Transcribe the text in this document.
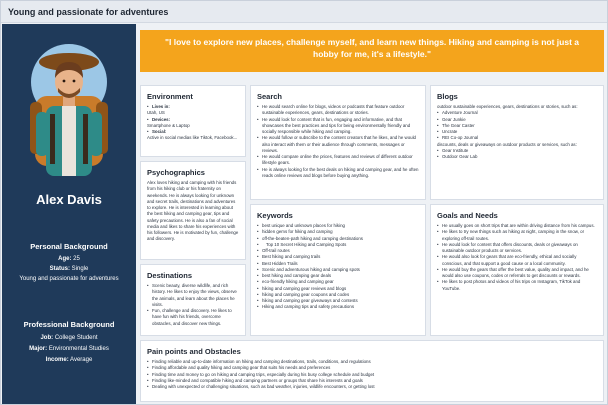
Young and passionate for adventures
Alex Davis
Personal Background
Age: 25
Status: Single
Young and passionate for adventures
Professional Background
Job: College Student
Major: Environmental Studies
Income: Average
"I love to explore new places, challenge myself, and learn new things. Hiking and camping is not just a hobby for me, it's a lifestyle."
Environment
• Lives in:
Utah, US
• Devices:
Smartphone & Laptop
• Social:
Active in social medias like Tiktok, Facebook...
Psychographics
Alex loves hiking and camping with his friends from his hiking club or his fraternity on weekends. He is always looking for unknown and secret trails, destinations and adventures to explore. He is interested in learning about the best hiking and camping gear, tips and safety precautions. He is also a fan of social media and likes to share his experiences with his followers. He is motivated by fun, challenge and discovery.
Destinations
• Scenic beauty, diverse wildlife, and rich history. He likes to enjoy the views, observe the animals, and learn about the places he visits.
• Fun, challenge and discovery. He likes to have fun with his friends, overcome obstacles, and discover new things.
Search
• He would search online for blogs, videos or podcasts that feature outdoor sustainable experiences, gears, destinations or stories.
• He would look for content that is fun, engaging and informative, and that showcases the best practices and tips for being environmentally friendly and socially responsible while hiking and camping.
• He would follow or subscribe to the content creators that he likes, and he would also interact with them or their audience through comments, messages or reviews.
• He would compare online the prices, features and reviews of different outdoor lifestyle gears.
• He is always looking for the best deals on hiking and camping gear, and he often reads online reviews and blogs before buying anything.
Keywords
• best unique and unknown places for hiking
• hidden gems for hiking and camping
• off-the-beaten-path hiking and camping destinations
• Top 10 Secret Hiking and Camping Spots
• Off-trail routes
• Best hiking and camping trails
• Best Hidden Trails
• Scenic and adventurous hiking and camping spots
• best hiking and camping gear deals
• eco-friendly hiking and camping gear
• hiking and camping gear reviews and blogs
• hiking and camping gear coupons and codes
• hiking and camping gear giveaways and contests
• Hiking and camping tips and safety precautions
Blogs
outdoor sustainable experiences, gears, destinations or stories, such as:
• Adventure Journal
• Gear Junkie
• The Gear Caster
• Uncrate
• REI Co-op Journal
discounts, deals or giveaways on outdoor products or services, such as:
• Gear Institute
• Outdoor Gear Lab
Goals and Needs
• He usually goes on short trips that are within driving distance from his campus.
• He likes to try new things such as hiking at night, camping in the snow, or exploring off-trail routes.
• He would look for content that offers discounts, deals or giveaways on sustainable outdoor products or services.
• He would also look for gears that are eco-friendly, ethical and socially conscious, and that support a good cause or a local community.
• He would buy the gears that offer the best value, quality and impact, and he would also use coupons, codes or referrals to get discounts or rewards.
• He likes to post photos and videos of his trips on Instagram, TikTok and YouTube.
Pain points and Obstacles
• Finding reliable and up-to-date information on hiking and camping destinations, trails, conditions, and regulations
• Finding affordable and quality hiking and camping gear that suits his needs and preferences
• Finding time and money to go on hiking and camping trips, especially during his busy college schedule and budget
• Finding like-minded and compatible hiking and camping partners or groups that share his interests and goals
• Dealing with unexpected or challenging situations, such as bad weather, injuries, wildlife encounters, or getting lost
